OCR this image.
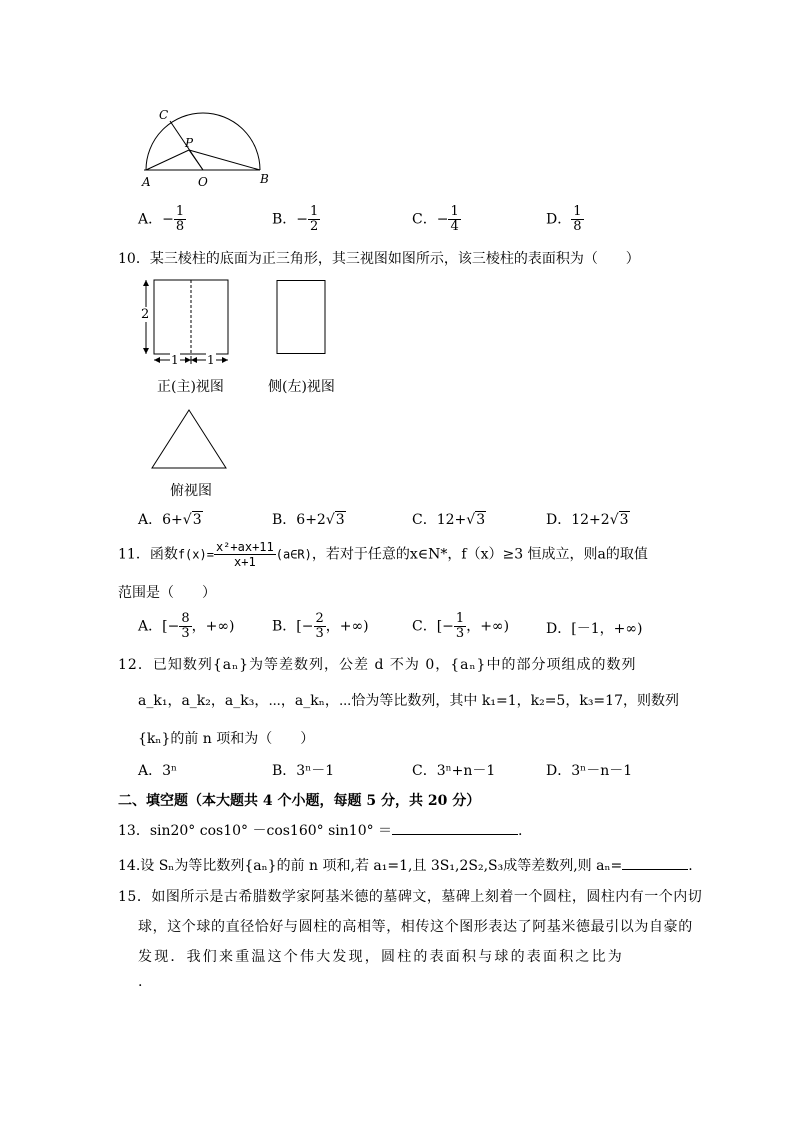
C
P
A	O	B
A．− $\frac{1}{8}$	B．− $\frac{1}{2}$	C．− $\frac{1}{4}$	D． $\frac{1}{8}$
10．某三棱柱的底面为正三角形，其三视图如图所示，该三棱柱的表面积为（　　）
2
1 1
正(主)视图	侧(左)视图
俯视图
A．6+√3	B．6+2√3	C．12+√3	D．12+2√3
11．函数$f(x)= \frac{\text{x²+ax+11}}{x+1}$ (a∈R)，若对于任意的x∈N*，f（x）≥3 恒成立，则a的取值
范围是（　　）
A．[− $\frac{8}{3}$ ，+∞)	B．[− $\frac{2}{3}$ ，+∞)	C．[− $\frac{1}{3}$ ，+∞)	D．[－1，+∞)
12．已知数列{aₙ}为等差数列，公差 d 不为 0，{aₙ}中的部分项组成的数列
a_k₁，a_k₂，a_k₃，⋯，a_kₙ，⋯恰为等比数列，其中 k₁=1，k₂=5，k₃=17，则数列
{kₙ}的前 n 项和为（　　）
A．3ⁿ	B．3ⁿ－1	C．3ⁿ+n－1	D．3ⁿ－n－1
二、填空题（本大题共 4 个小题，每题 5 分，共 20 分）
13．sin20° cos10° －cos160° sin10° ＝	.
14.设 Sₙ为等比数列{aₙ}的前 n 项和,若 a₁=1,且 3S₁,2S₂,S₃成等差数列,则 aₙ=	.
15．如图所示是古希腊数学家阿基米德的墓碑文，墓碑上刻着一个圆柱，圆柱内有一个内切
球，这个球的直径恰好与圆柱的高相等，相传这个图形表达了阿基米德最引以为自豪的
发现．我们来重温这个伟大发现，圆柱的表面积与球的表面积之比为
.
